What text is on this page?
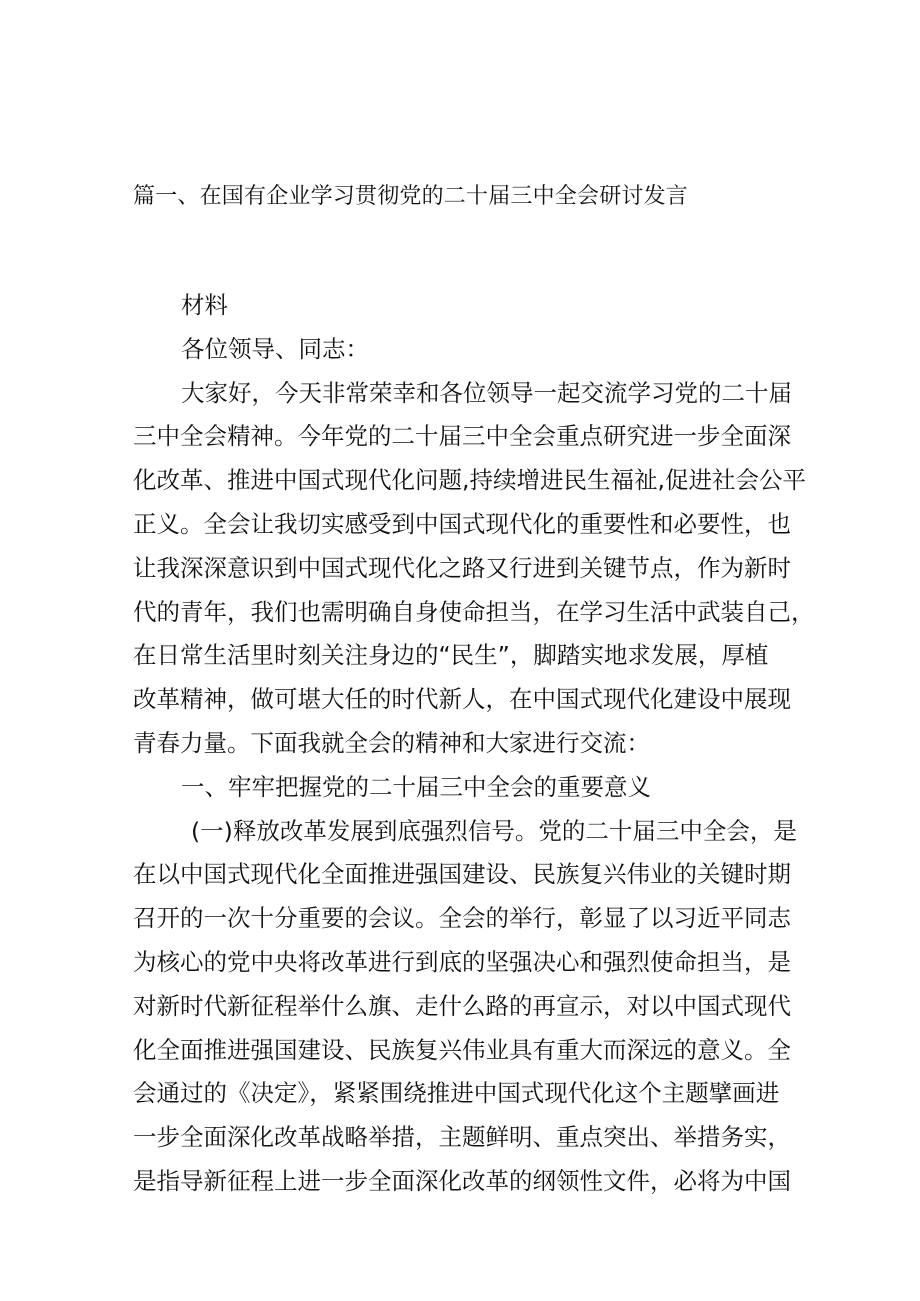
篇一、在国有企业学习贯彻党的二十届三中全会研讨发言
材料
各位领导、同志：
大家好，今天非常荣幸和各位领导一起交流学习党的二十届
三中全会精神。今年党的二十届三中全会重点研究进一步全面深
化改革、推进中国式现代化问题,持续增进民生福祉,促进社会公平
正义。全会让我切实感受到中国式现代化的重要性和必要性，也
让我深深意识到中国式现代化之路又行进到关键节点，作为新时
代的青年，我们也需明确自身使命担当，在学习生活中武装自己，
在日常生活里时刻关注身边的“民生”，脚踏实地求发展，厚植
改革精神，做可堪大任的时代新人，在中国式现代化建设中展现
青春力量。下面我就全会的精神和大家进行交流：
一、牢牢把握党的二十届三中全会的重要意义
(一)释放改革发展到底强烈信号。党的二十届三中全会，是
在以中国式现代化全面推进强国建设、民族复兴伟业的关键时期
召开的一次十分重要的会议。全会的举行，彰显了以习近平同志
为核心的党中央将改革进行到底的坚强决心和强烈使命担当，是
对新时代新征程举什么旗、走什么路的再宣示，对以中国式现代
化全面推进强国建设、民族复兴伟业具有重大而深远的意义。全
会通过的《决定》，紧紧围绕推进中国式现代化这个主题擘画进
一步全面深化改革战略举措，主题鲜明、重点突出、举措务实，
是指导新征程上进一步全面深化改革的纲领性文件，必将为中国
